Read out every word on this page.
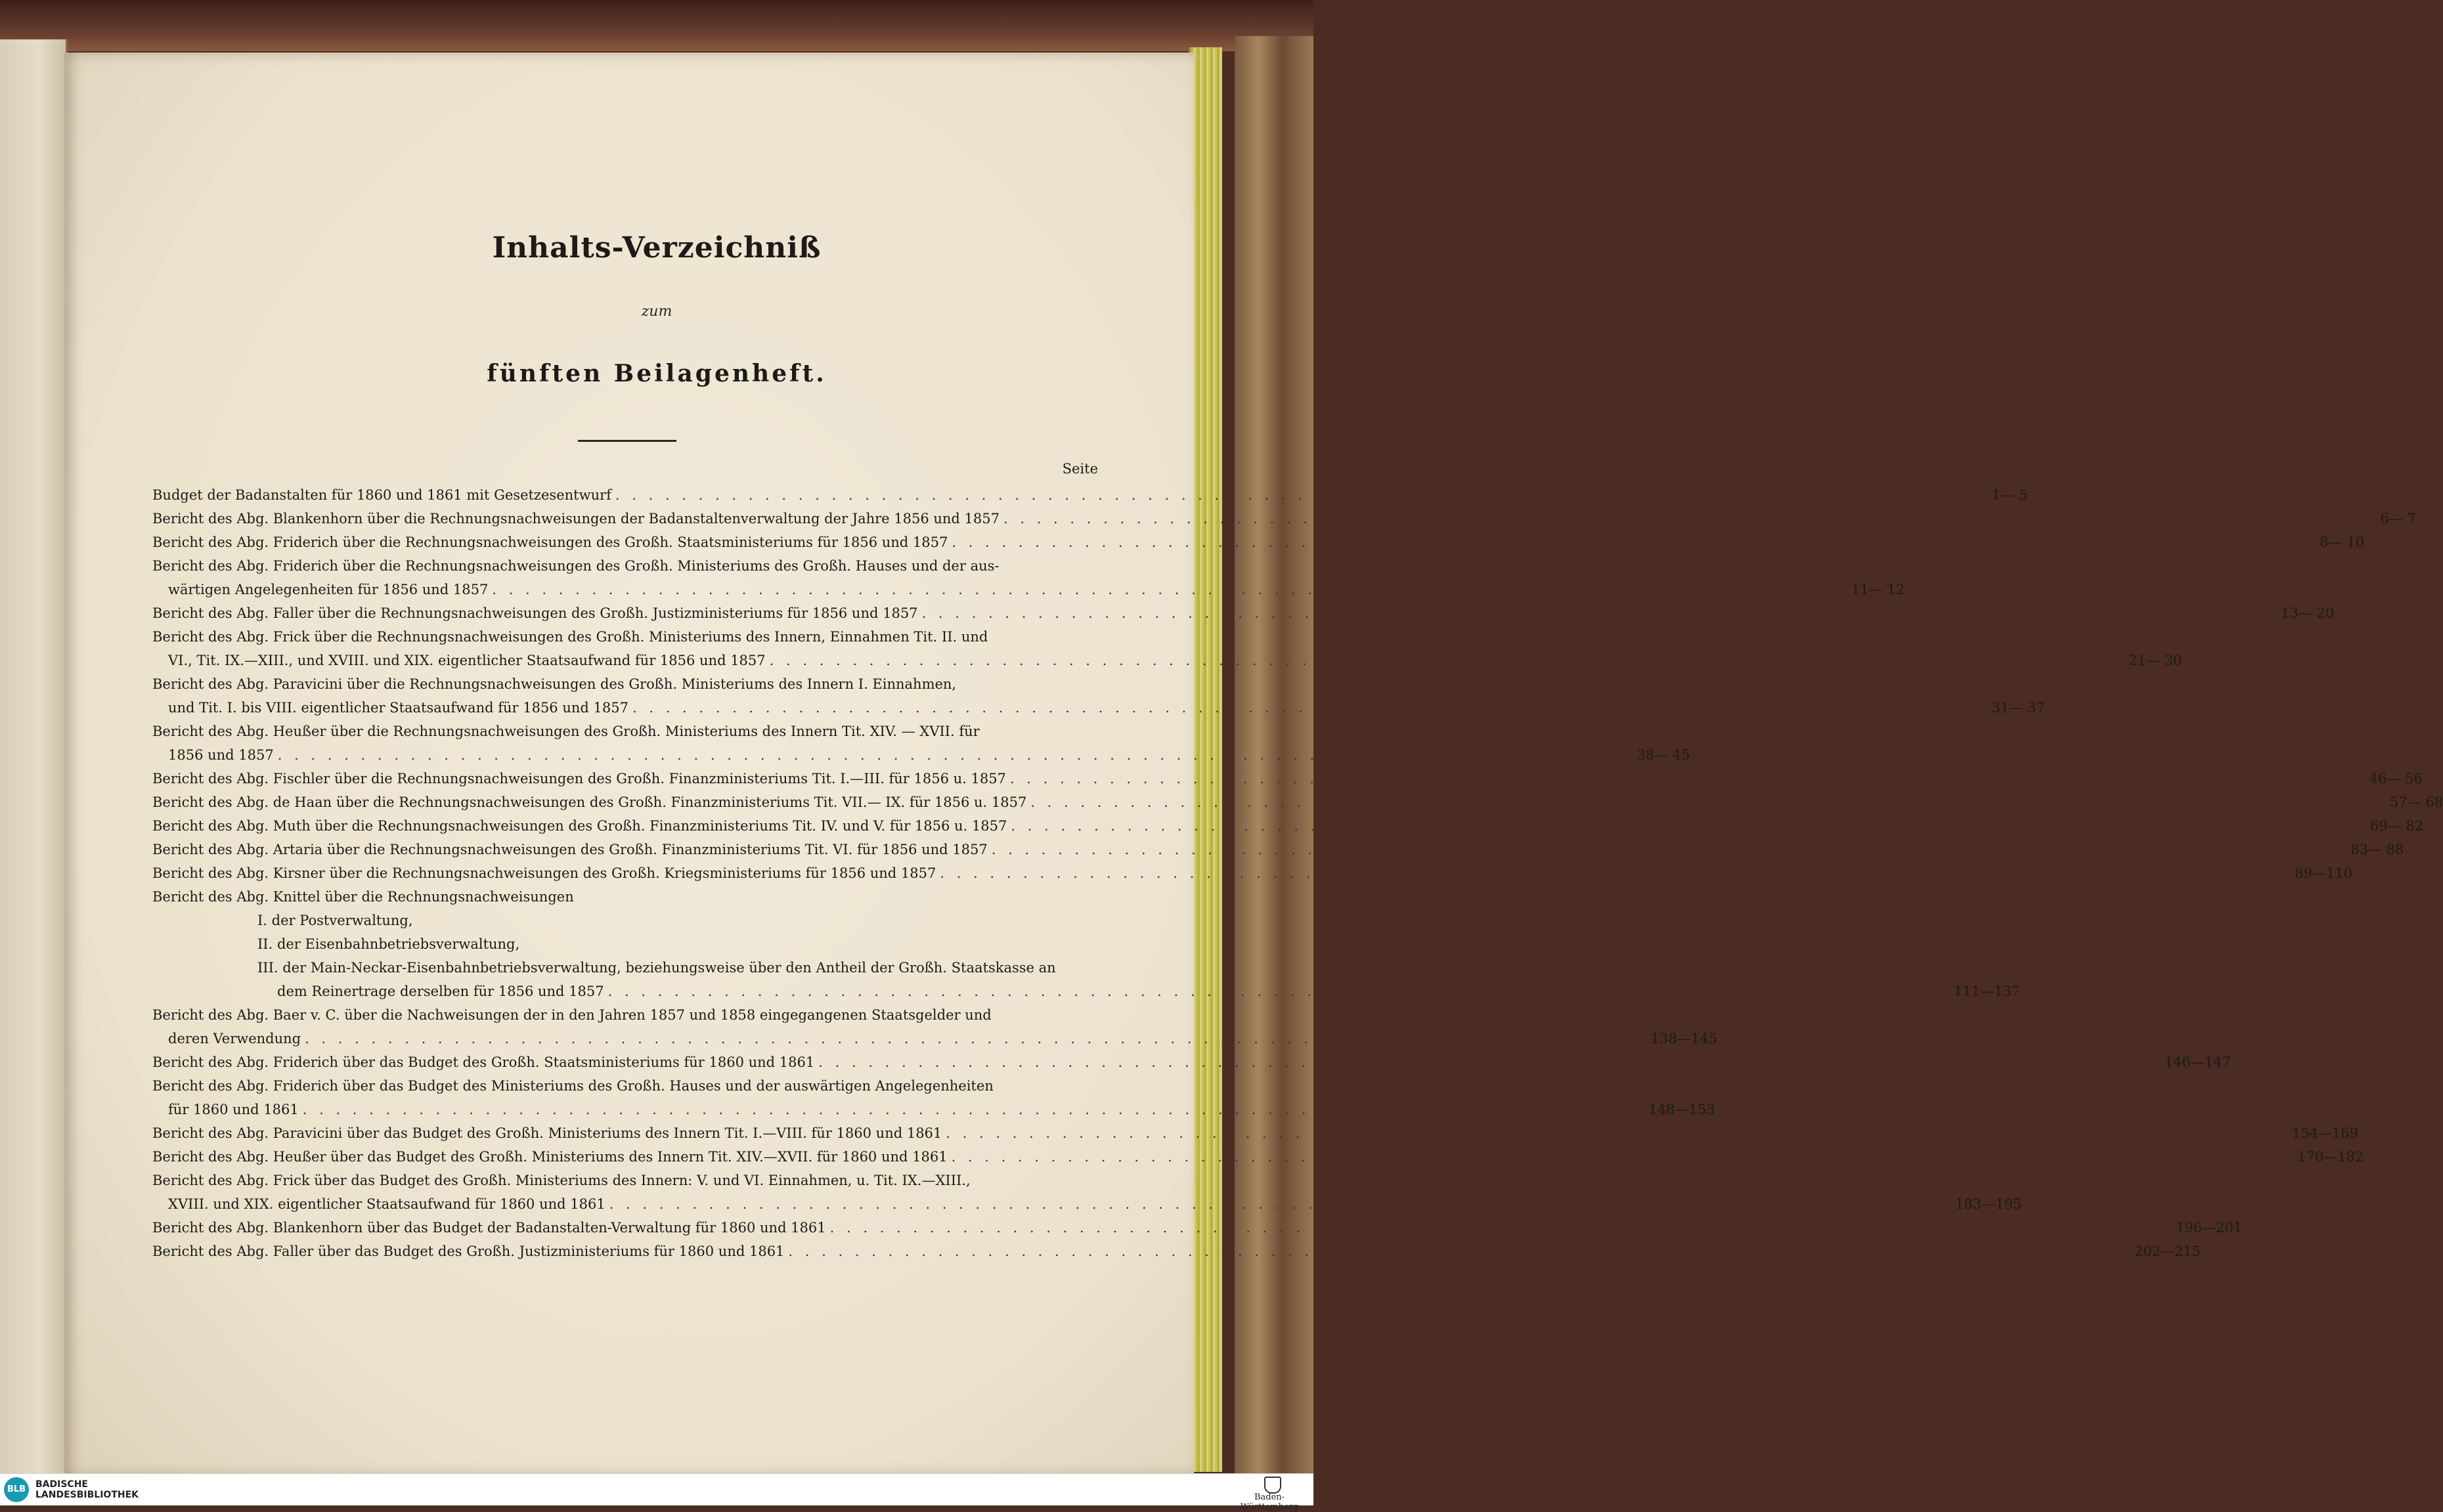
Inhalts-Verzeichniß
zum
fünften Beilagenheft.
Seite
Budget der Badanstalten für 1860 und 1861 mit Gesetzesentwurf . . .	1— 5
Bericht des Abg. Blankenhorn über die Rechnungsnachweisungen der Badanstaltenverwaltung der Jahre 1856 und 1857 . . .	6— 7
Bericht des Abg. Friderich über die Rechnungsnachweisungen des Großh. Staatsministeriums für 1856 und 1857 . . .	8— 10
Bericht des Abg. Friderich über die Rechnungsnachweisungen des Großh. Ministeriums des Großh. Hauses und der aus-
wärtigen Angelegenheiten für 1856 und 1857 . . .	11— 12
Bericht des Abg. Faller über die Rechnungsnachweisungen des Großh. Justizministeriums für 1856 und 1857 . . .	13— 20
Bericht des Abg. Frick über die Rechnungsnachweisungen des Großh. Ministeriums des Innern, Einnahmen Tit. II. und
VI., Tit. IX.—XIII., und XVIII. und XIX. eigentlicher Staatsaufwand für 1856 und 1857 . . .	21— 30
Bericht des Abg. Paravicini über die Rechnungsnachweisungen des Großh. Ministeriums des Innern I. Einnahmen,
und Tit. I. bis VIII. eigentlicher Staatsaufwand für 1856 und 1857 . . .	31— 37
Bericht des Abg. Heußer über die Rechnungsnachweisungen des Großh. Ministeriums des Innern Tit. XIV. — XVII. für
1856 und 1857 . . .	38— 45
Bericht des Abg. Fischler über die Rechnungsnachweisungen des Großh. Finanzministeriums Tit. I.—III. für 1856 u. 1857 . . .	46— 56
Bericht des Abg. de Haan über die Rechnungsnachweisungen des Großh. Finanzministeriums Tit. VII.— IX. für 1856 u. 1857 . . .	57— 68
Bericht des Abg. Muth über die Rechnungsnachweisungen des Großh. Finanzministeriums Tit. IV. und V. für 1856 u. 1857 . . .	69— 82
Bericht des Abg. Artaria über die Rechnungsnachweisungen des Großh. Finanzministeriums Tit. VI. für 1856 und 1857 . . .	83— 88
Bericht des Abg. Kirsner über die Rechnungsnachweisungen des Großh. Kriegsministeriums für 1856 und 1857 . . .	89—110
Bericht des Abg. Knittel über die Rechnungsnachweisungen
I. der Postverwaltung,
II. der Eisenbahnbetriebsverwaltung,
III. der Main-Neckar-Eisenbahnbetriebsverwaltung, beziehungsweise über den Antheil der Großh. Staatskasse an
dem Reinertrage derselben für 1856 und 1857 . . .	111—137
Bericht des Abg. Baer v. C. über die Nachweisungen der in den Jahren 1857 und 1858 eingegangenen Staatsgelder und
deren Verwendung . . .	138—145
Bericht des Abg. Friderich über das Budget des Großh. Staatsministeriums für 1860 und 1861 . . .	146—147
Bericht des Abg. Friderich über das Budget des Ministeriums des Großh. Hauses und der auswärtigen Angelegenheiten
für 1860 und 1861 . . .	148—153
Bericht des Abg. Paravicini über das Budget des Großh. Ministeriums des Innern Tit. I.—VIII. für 1860 und 1861 . . .	154—169
Bericht des Abg. Heußer über das Budget des Großh. Ministeriums des Innern Tit. XIV.—XVII. für 1860 und 1861 . . .	170—182
Bericht des Abg. Frick über das Budget des Großh. Ministeriums des Innern: V. und VI. Einnahmen, u. Tit. IX.—XIII.,
XVIII. und XIX. eigentlicher Staatsaufwand für 1860 und 1861 . . .	183—195
Bericht des Abg. Blankenhorn über das Budget der Badanstalten-Verwaltung für 1860 und 1861 . . .	196—201
Bericht des Abg. Faller über das Budget des Großh. Justizministeriums für 1860 und 1861 . . .	202—215
BLB	BADISCHE
LANDESBIBLIOTHEK	Baden-Württemberg
